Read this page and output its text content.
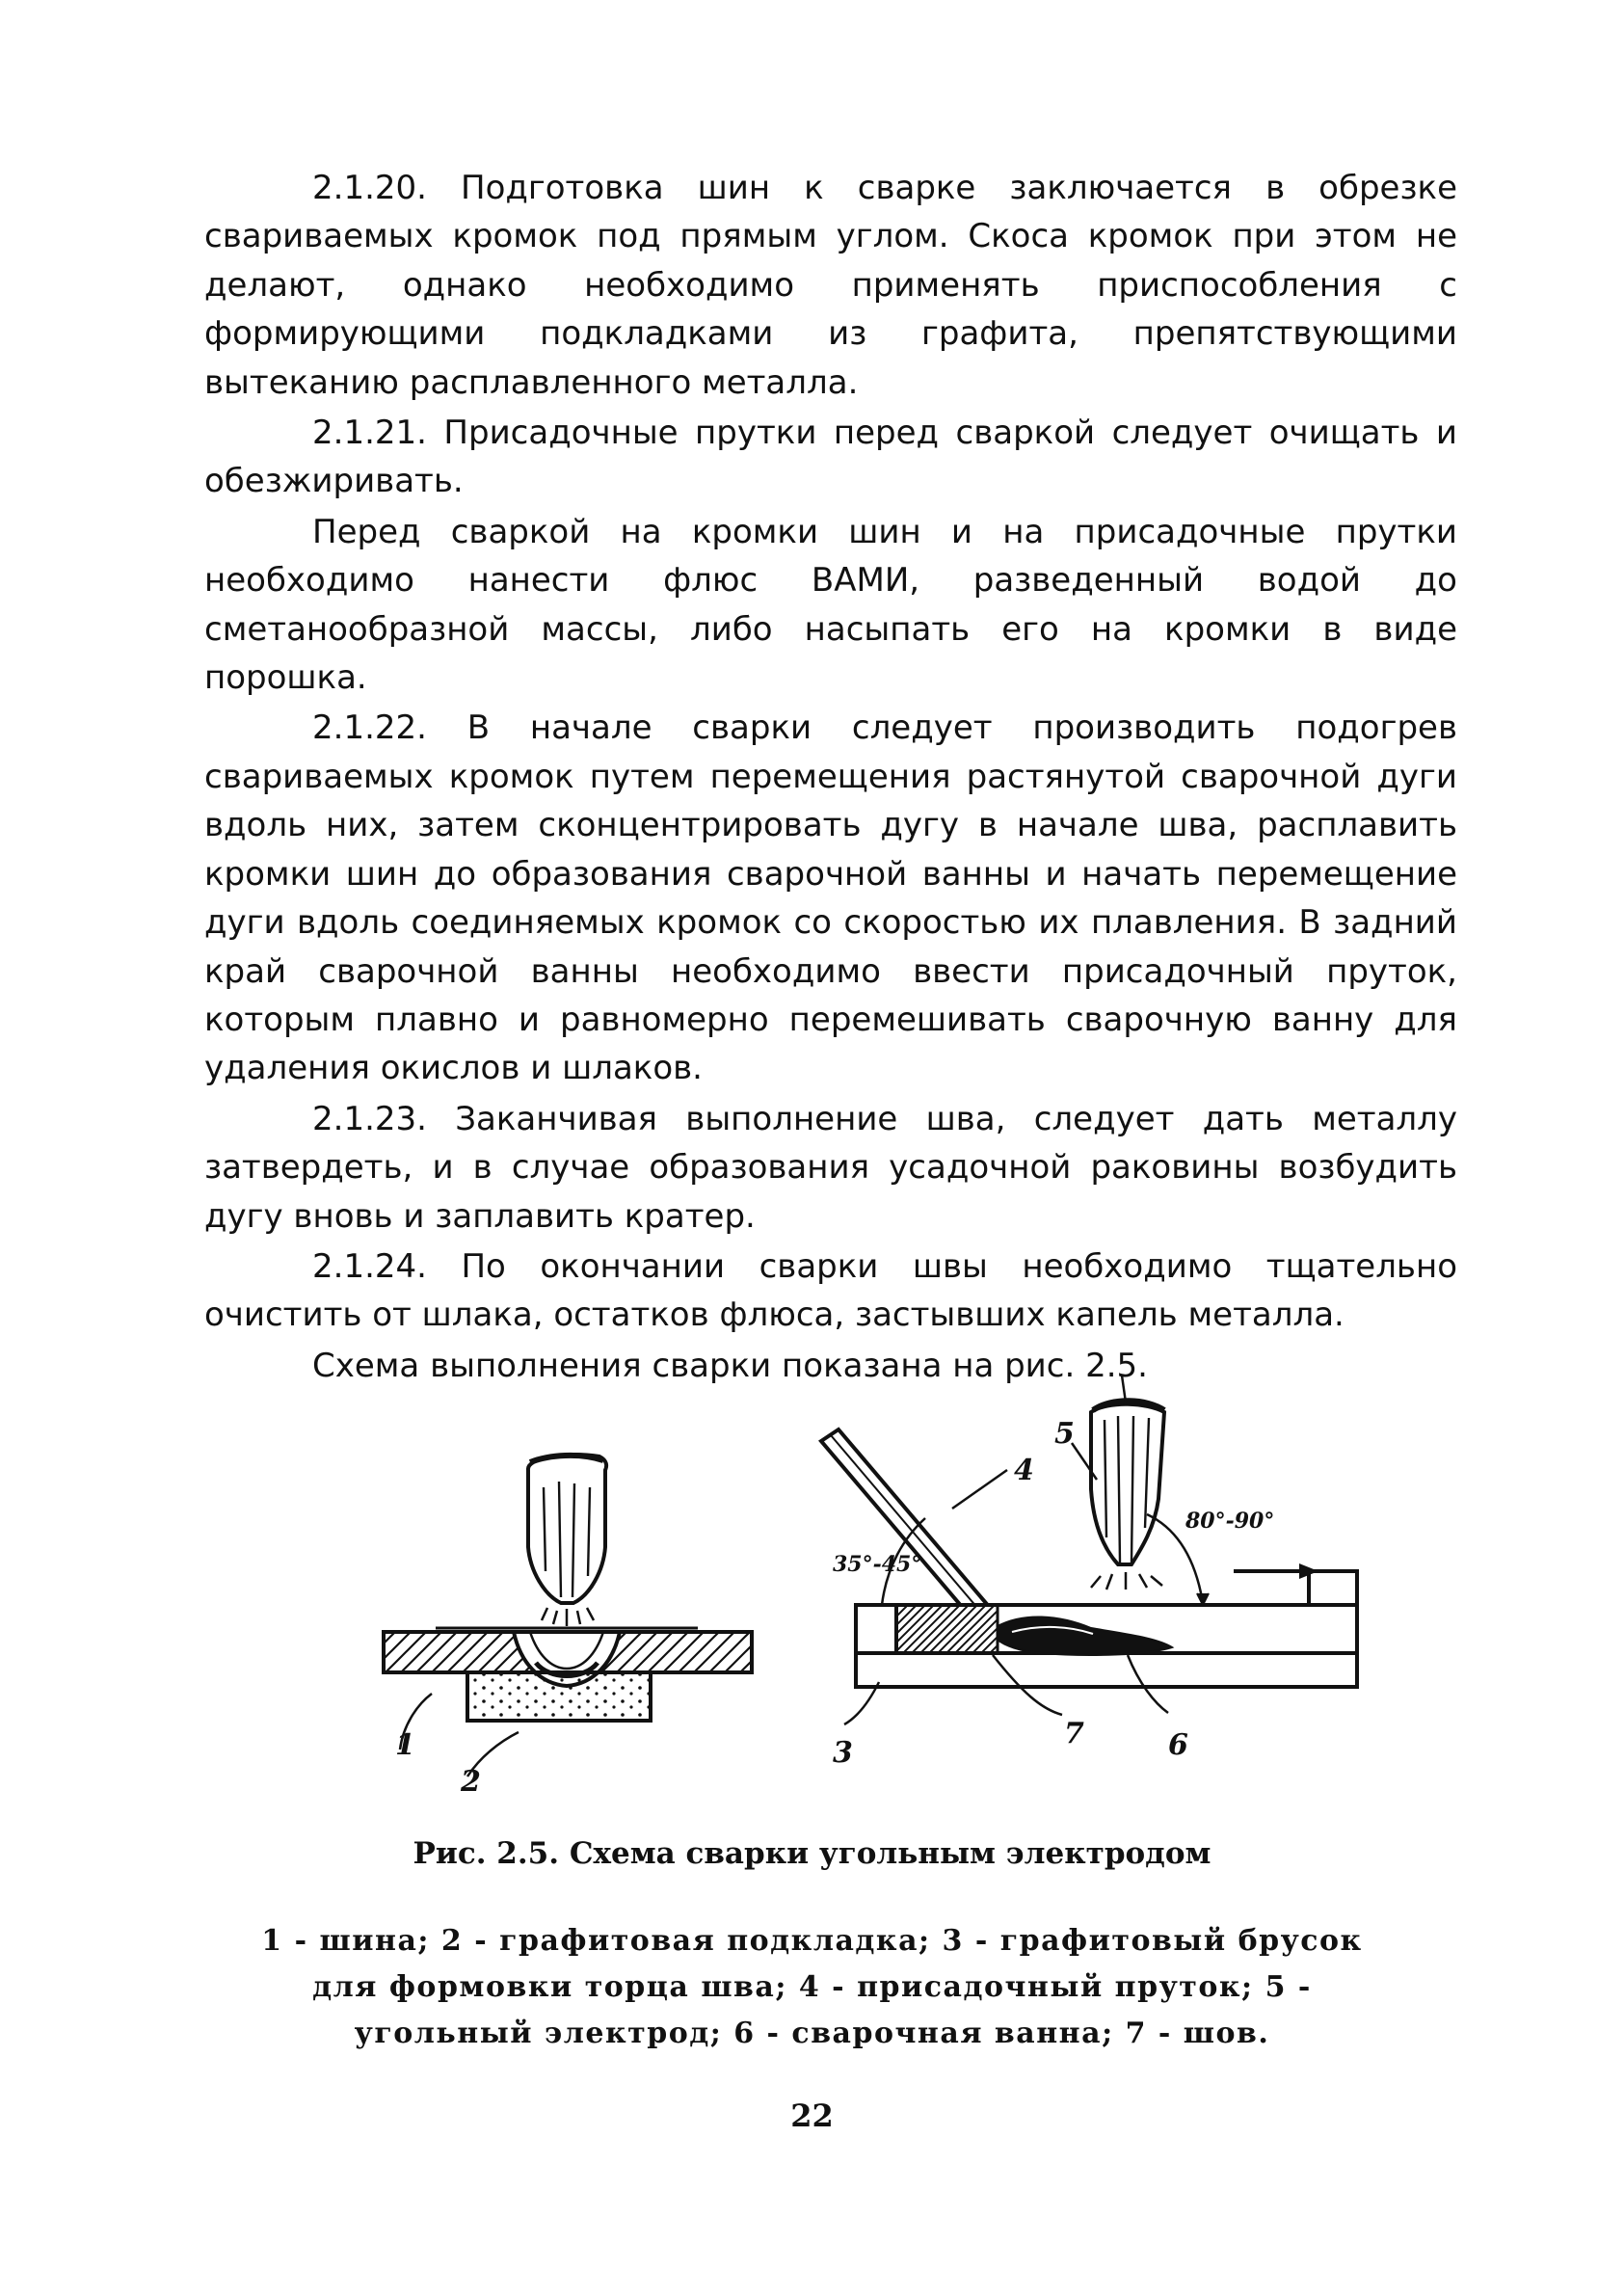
2.1.20. Подготовка шин к сварке заключается в обрезке свариваемых кромок под прямым углом. Скоса кромок при этом не делают, однако необходимо применять приспособления с формирующими подкладками из графита, препятствующими вытеканию расплавленного металла.

2.1.21. Присадочные прутки перед сваркой следует очищать и обезжиривать.

Перед сваркой на кромки шин и на присадочные прутки необходимо нанести флюс ВАМИ, разведенный водой до сметанообразной массы, либо насыпать его на кромки в виде порошка.

2.1.22. В начале сварки следует производить подогрев свариваемых кромок путем перемещения растянутой сварочной дуги вдоль них, затем сконцентрировать дугу в начале шва, расплавить кромки шин до образования сварочной ванны и начать перемещение дуги вдоль соединяемых кромок со скоростью их плавления. В задний край сварочной ванны необходимо ввести присадочный пруток, которым плавно и равномерно перемешивать сварочную ванну для удаления окислов и шлаков.

2.1.23. Заканчивая выполнение шва, следует дать металлу затвердеть, и в случае образования усадочной раковины возбудить дугу вновь и заплавить кратер.

2.1.24. По окончании сварки швы необходимо тщательно очистить от шлака, остатков флюса, застывших капель металла.

Схема выполнения сварки показана на рис. 2.5.

1
2
3
4
5
6
7
35°-45°
80°-90°
Рис. 2.5. Схема сварки угольным электродом
1 - шина; 2 - графитовая подкладка; 3 - графитовый брусок для формовки торца шва; 4 - присадочный пруток; 5 - угольный электрод; 6 - сварочная ванна; 7 - шов.
22
